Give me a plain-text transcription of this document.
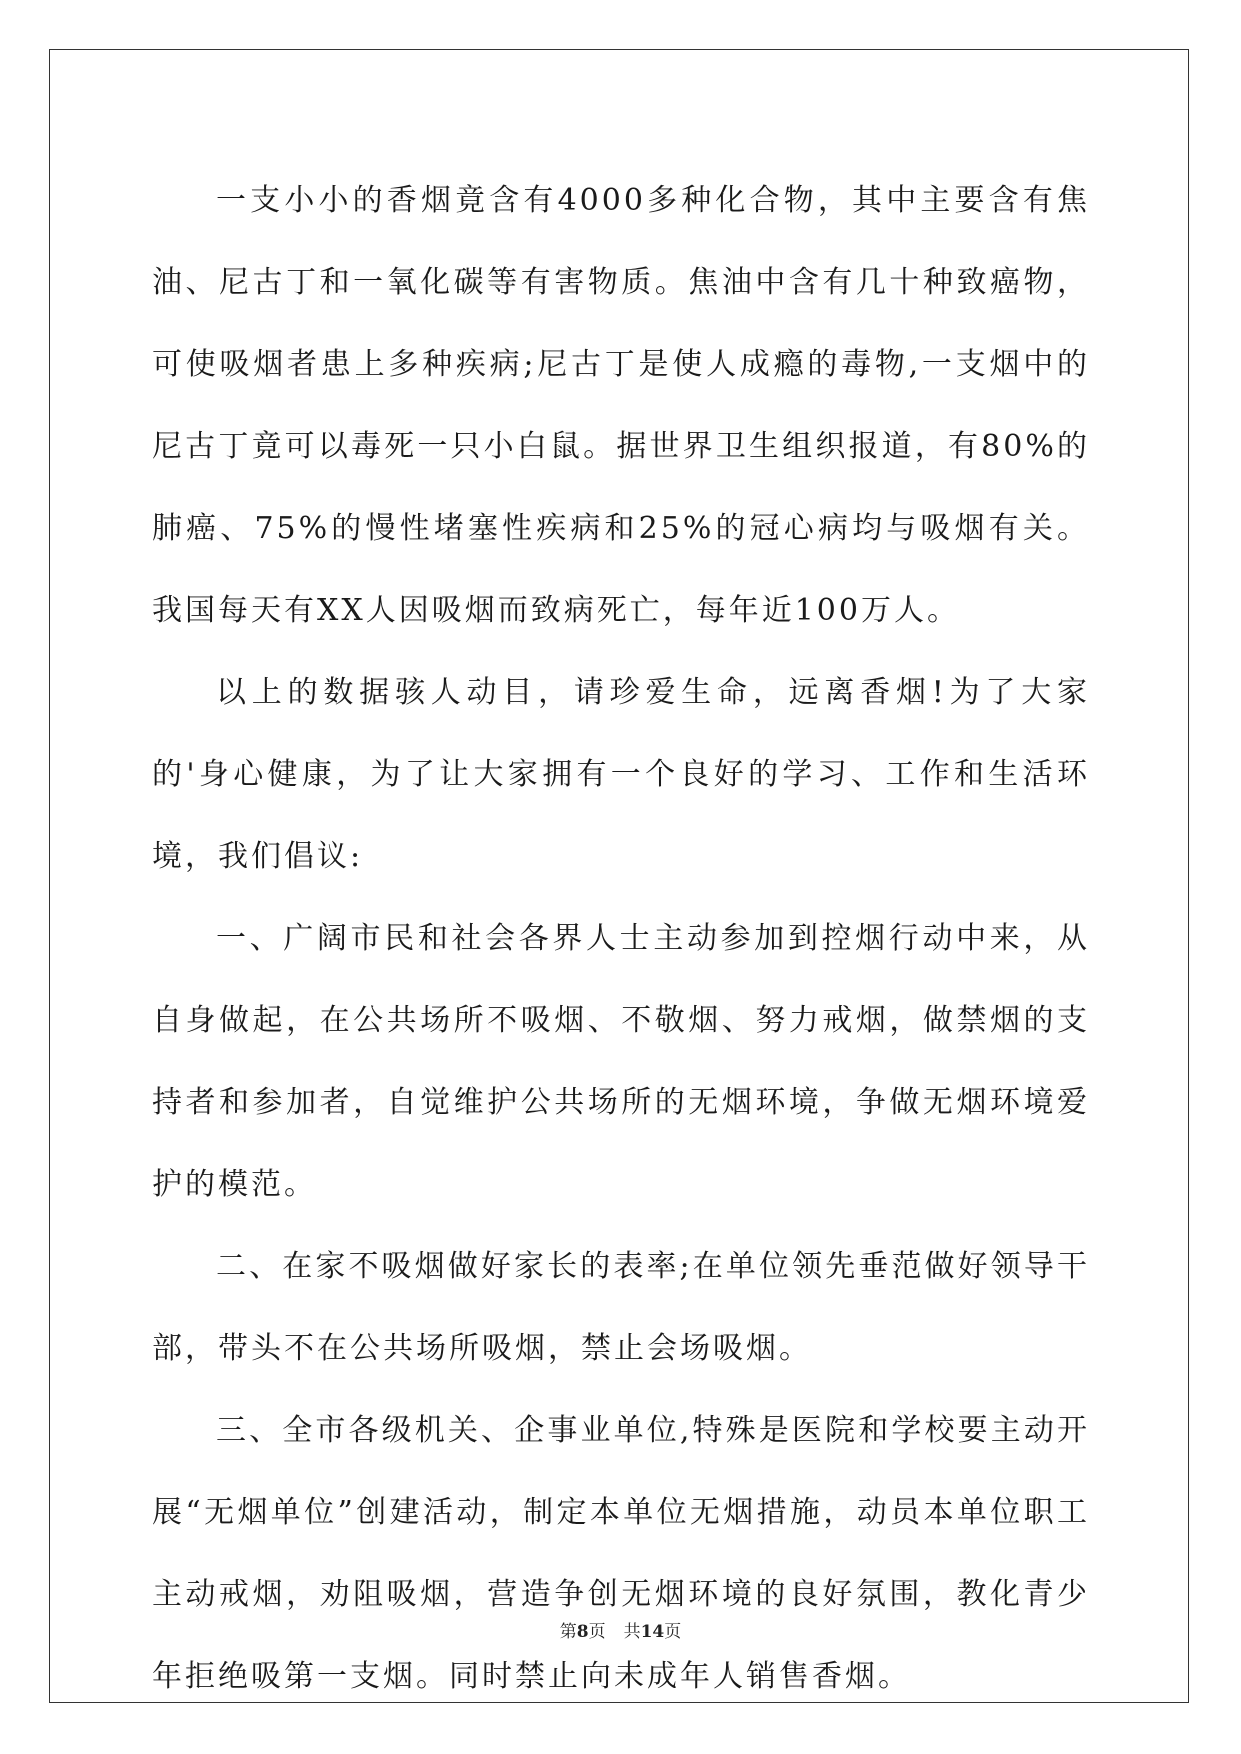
一支小小的香烟竟含有4000多种化合物，其中主要含有焦油、尼古丁和一氧化碳等有害物质。焦油中含有几十种致癌物，可使吸烟者患上多种疾病;尼古丁是使人成瘾的毒物,一支烟中的尼古丁竟可以毒死一只小白鼠。据世界卫生组织报道，有80%的肺癌、75%的慢性堵塞性疾病和25%的冠心病均与吸烟有关。我国每天有XX人因吸烟而致病死亡，每年近100万人。

以上的数据骇人动目，请珍爱生命，远离香烟!为了大家的'身心健康，为了让大家拥有一个良好的学习、工作和生活环境，我们倡议:

一、广阔市民和社会各界人士主动参加到控烟行动中来，从自身做起，在公共场所不吸烟、不敬烟、努力戒烟，做禁烟的支持者和参加者，自觉维护公共场所的无烟环境，争做无烟环境爱护的模范。

二、在家不吸烟做好家长的表率;在单位领先垂范做好领导干部，带头不在公共场所吸烟，禁止会场吸烟。

三、全市各级机关、企事业单位,特殊是医院和学校要主动开展“无烟单位”创建活动，制定本单位无烟措施，动员本单位职工主动戒烟，劝阻吸烟，营造争创无烟环境的良好氛围，教化青少年拒绝吸第一支烟。同时禁止向未成年人销售香烟。

第8页 共14页
